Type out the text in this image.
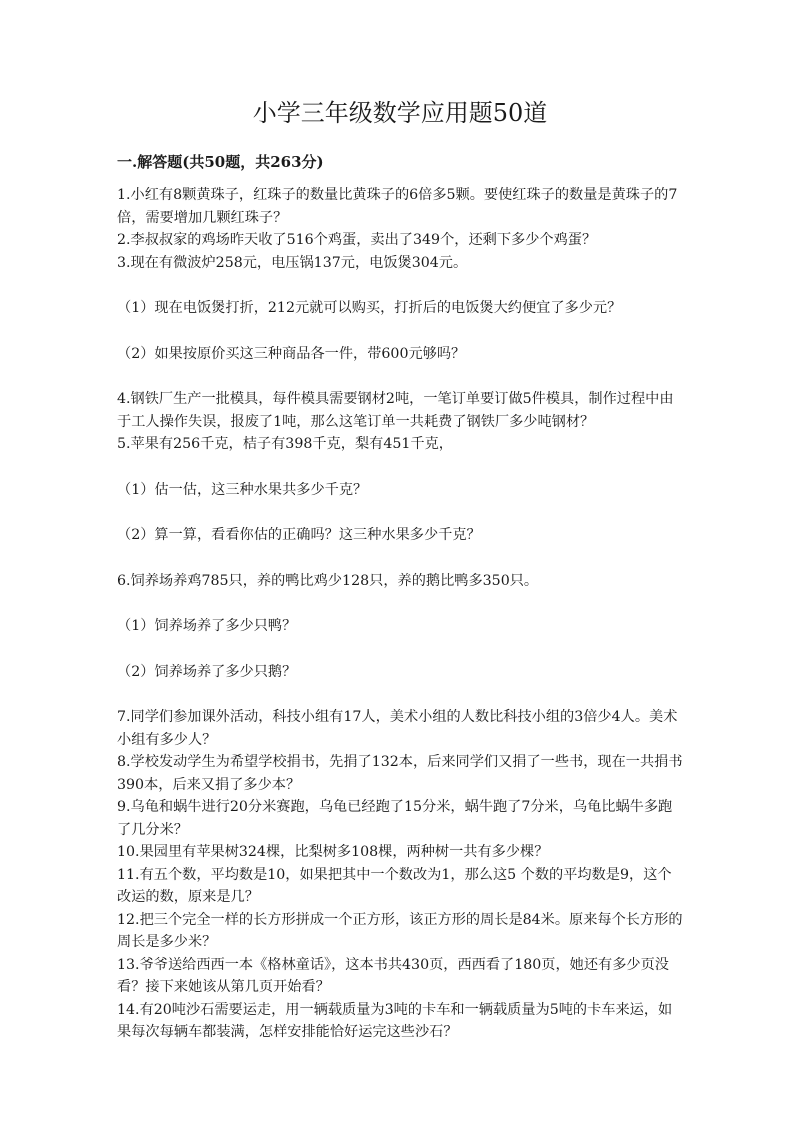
小学三年级数学应用题50道
一.解答题(共50题，共263分)

1.小红有8颗黄珠子，红珠子的数量比黄珠子的6倍多5颗。要使红珠子的数量是黄珠子的7倍，需要增加几颗红珠子？

2.李叔叔家的鸡场昨天收了516个鸡蛋，卖出了349个，还剩下多少个鸡蛋？

3.现在有微波炉258元，电压锅137元，电饭煲304元。

（1）现在电饭煲打折，212元就可以购买，打折后的电饭煲大约便宜了多少元？

（2）如果按原价买这三种商品各一件，带600元够吗？

4.钢铁厂生产一批模具，每件模具需要钢材2吨，一笔订单要订做5件模具，制作过程中由于工人操作失误，报废了1吨，那么这笔订单一共耗费了钢铁厂多少吨钢材？

5.苹果有256千克，桔子有398千克，梨有451千克，

（1）估一估，这三种水果共多少千克？

（2）算一算，看看你估的正确吗？这三种水果多少千克？

6.饲养场养鸡785只，养的鸭比鸡少128只，养的鹅比鸭多350只。

（1）饲养场养了多少只鸭？

（2）饲养场养了多少只鹅？

7.同学们参加课外活动，科技小组有17人，美术小组的人数比科技小组的3倍少4人。美术小组有多少人？

8.学校发动学生为希望学校捐书，先捐了132本，后来同学们又捐了一些书，现在一共捐书390本，后来又捐了多少本？

9.乌龟和蜗牛进行20分米赛跑，乌龟已经跑了15分米，蜗牛跑了7分米，乌龟比蜗牛多跑了几分米？

10.果园里有苹果树324棵，比梨树多108棵，两种树一共有多少棵？

11.有五个数，平均数是10，如果把其中一个数改为1，那么这5 个数的平均数是9，这个改运的数，原来是几？

12.把三个完全一样的长方形拼成一个正方形，该正方形的周长是84米。原来每个长方形的周长是多少米？

13.爷爷送给西西一本《格林童话》，这本书共430页，西西看了180页，她还有多少页没看？接下来她该从第几页开始看？

14.有20吨沙石需要运走，用一辆载质量为3吨的卡车和一辆载质量为5吨的卡车来运，如果每次每辆车都装满，怎样安排能恰好运完这些沙石？
